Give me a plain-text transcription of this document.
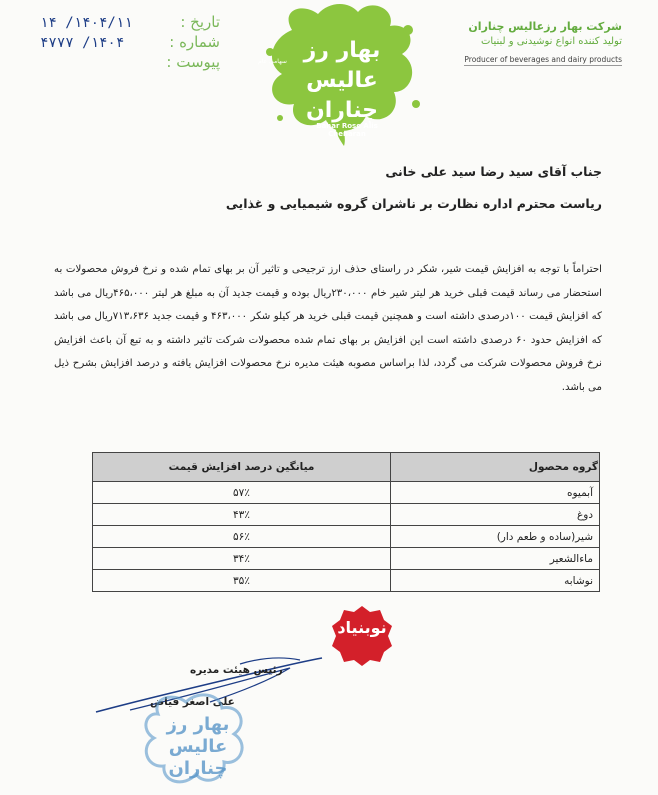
تاریخ :
۱۴۰۴/۱۱/ ۱۴
شماره :
۱۴۰۴/ ۴۷۷۷
پیوست :	بهار رز عالیس چناران
سهامی عام
Bahar Rose Alis
Chenaran
شرکت بهار رزعالیس چناران
تولید کننده انواع نوشیدنی و لبنیات
Producer of beverages and dairy products
جناب آقای سید رضا سید علی خانی
ریاست محترم اداره نظارت بر ناشران گروه شیمیایی و غذایی
احتراماً با توجه به افزایش قیمت شیر، شکر در راستای حذف ارز ترجیحی و تاثیر آن بر بهای تمام شده و نرخ فروش محصولات به استحضار می رساند قیمت قبلی خرید هر لیتر شیر خام ۲۳۰،۰۰۰ریال بوده و قیمت جدید آن به مبلغ هر لیتر ۴۶۵،۰۰۰ریال می باشد که افزایش قیمت ۱۰۰درصدی داشته است و همچنین قیمت قبلی خرید هر کیلو شکر ۴۶۳،۰۰۰ و قیمت جدید ۷۱۳،۶۳۶ریال می باشد که افزایش حدود ۶۰ درصدی داشته است این افزایش بر بهای تمام شده محصولات شرکت تاثیر داشته و به تبع آن باعث افزایش نرخ فروش محصولات شرکت می گردد، لذا براساس مصوبه هیئت مدیره نرخ محصولات افزایش یافته و درصد افزایش بشرح ذیل می باشد.
گروه محصول	میانگین درصد افزایش قیمت
آبمیوه	۵۷٪
دوغ	۴۳٪
شیر(ساده و طعم دار)	۵۶٪
ماءالشعیر	۳۴٪
نوشابه	۳۵٪
نوبنیاد
رئیس هیئت مدیره
علی اصغر قیاض
بهار رز عالیس چناران
